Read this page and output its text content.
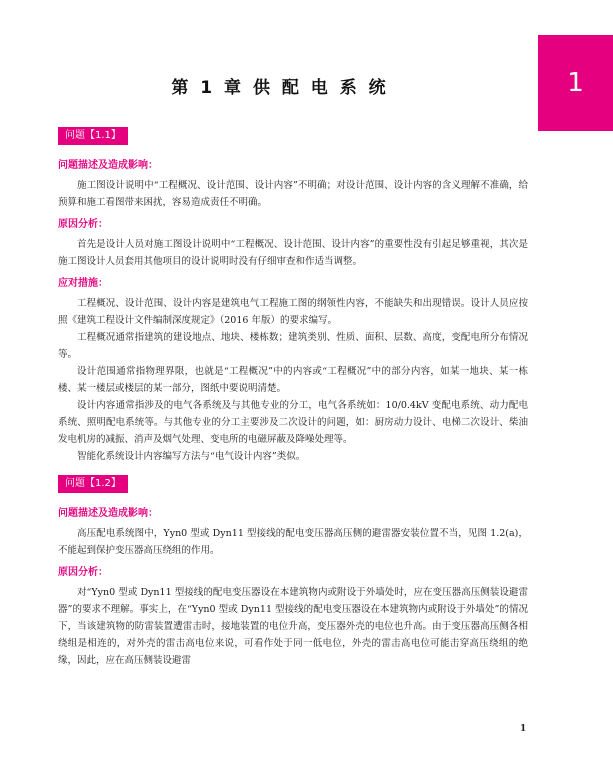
1
第 1 章 供 配 电 系 统
问题【1.1】
问题描述及造成影响：

施工图设计说明中“工程概况、设计范围、设计内容”不明确；对设计范围、设计内容的含义理解不准确，给预算和施工看图带来困扰，容易造成责任不明确。

原因分析：

首先是设计人员对施工图设计说明中“工程概况、设计范围、设计内容”的重要性没有引起足够重视，其次是施工图设计人员套用其他项目的设计说明时没有仔细审查和作适当调整。

应对措施：

工程概况、设计范围、设计内容是建筑电气工程施工图的纲领性内容，不能缺失和出现错误。设计人员应按照《建筑工程设计文件编制深度规定》（2016 年版）的要求编写。

工程概况通常指建筑的建设地点、地块、楼栋数；建筑类别、性质、面积、层数、高度，变配电所分布情况等。

设计范围通常指物理界限，也就是“工程概况”中的内容或“工程概况”中的部分内容，如某一地块、某一栋楼、某一楼层或楼层的某一部分，图纸中要说明清楚。

设计内容通常指涉及的电气各系统及与其他专业的分工，电气各系统如：10/0.4kV 变配电系统、动力配电系统、照明配电系统等。与其他专业的分工主要涉及二次设计的问题，如：厨房动力设计、电梯二次设计、柴油发电机房的减振、消声及烟气处理、变电所的电磁屏蔽及降噪处理等。

智能化系统设计内容编写方法与“电气设计内容”类似。

问题【1.2】
问题描述及造成影响：

高压配电系统图中，Yyn0 型或 Dyn11 型接线的配电变压器高压侧的避雷器安装位置不当，见图 1.2(a)，不能起到保护变压器高压绕组的作用。

原因分析：

对“Yyn0 型或 Dyn11 型接线的配电变压器设在本建筑物内或附设于外墙处时，应在变压器高压侧装设避雷器”的要求不理解。事实上，在“Yyn0 型或 Dyn11 型接线的配电变压器设在本建筑物内或附设于外墙处”的情况下，当该建筑物的防雷装置遭雷击时，接地装置的电位升高，变压器外壳的电位也升高。由于变压器高压侧各相绕组是相连的，对外壳的雷击高电位来说，可看作处于同一低电位，外壳的雷击高电位可能击穿高压绕组的绝缘，因此，应在高压侧装设避雷

1
